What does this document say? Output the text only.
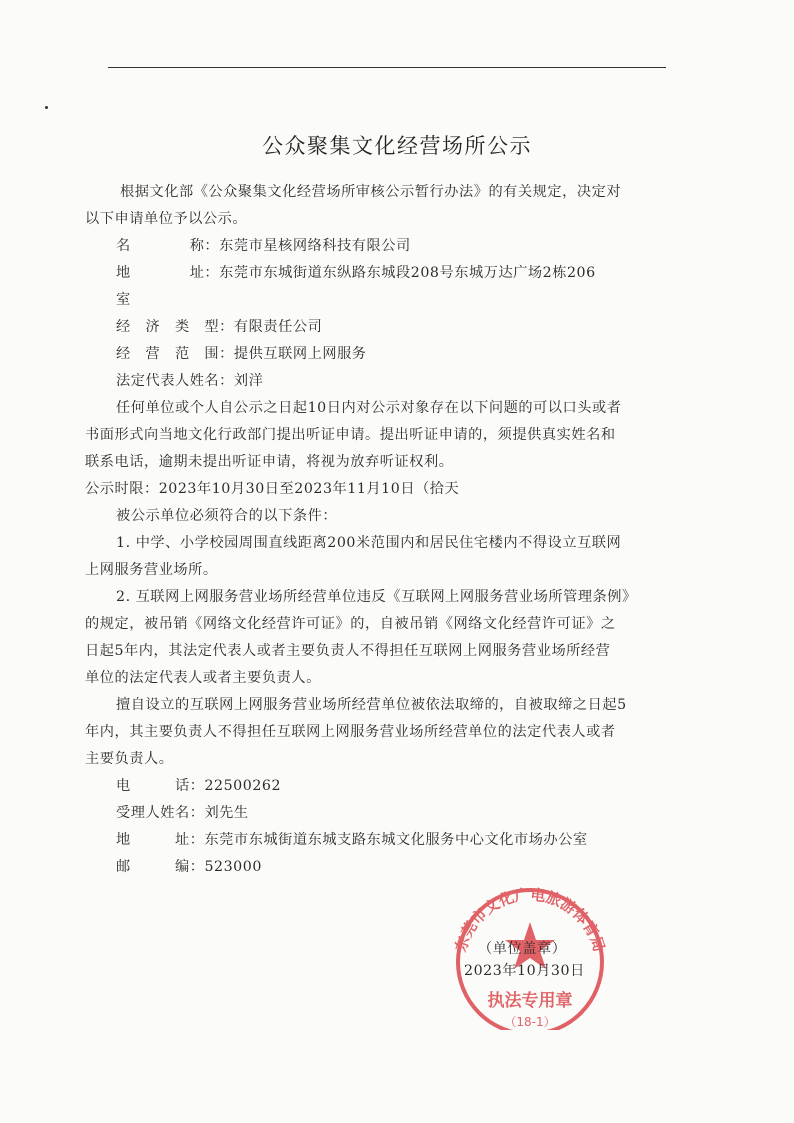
公众聚集文化经营场所公示
根据文化部《公众聚集文化经营场所审核公示暂行办法》的有关规定，决定对
以下申请单位予以公示。
名　　　　称：东莞市星核网络科技有限公司
地　　　　址：东莞市东城街道东纵路东城段208号东城万达广场2栋206
室
经　济　类　型：有限责任公司
经　营　范　围：提供互联网上网服务
法定代表人姓名：刘洋
任何单位或个人自公示之日起10日内对公示对象存在以下问题的可以口头或者
书面形式向当地文化行政部门提出听证申请。提出听证申请的，须提供真实姓名和
联系电话，逾期未提出听证申请，将视为放弃听证权利。
公示时限：2023年10月30日至2023年11月10日（拾天
被公示单位必须符合的以下条件：
1. 中学、小学校园周围直线距离200米范围内和居民住宅楼内不得设立互联网
上网服务营业场所。
2. 互联网上网服务营业场所经营单位违反《互联网上网服务营业场所管理条例》
的规定，被吊销《网络文化经营许可证》的，自被吊销《网络文化经营许可证》之
日起5年内，其法定代表人或者主要负责人不得担任互联网上网服务营业场所经营
单位的法定代表人或者主要负责人。
擅自设立的互联网上网服务营业场所经营单位被依法取缔的，自被取缔之日起5
年内，其主要负责人不得担任互联网上网服务营业场所经营单位的法定代表人或者
主要负责人。
电　　　话：22500262
受理人姓名：刘先生
地　　　址：东莞市东城街道东城支路东城文化服务中心文化市场办公室
邮　　　编：523000
东莞市文化广电旅游体育局
执法专用章
（18-1）
（单位盖章）
2023年10月30日
